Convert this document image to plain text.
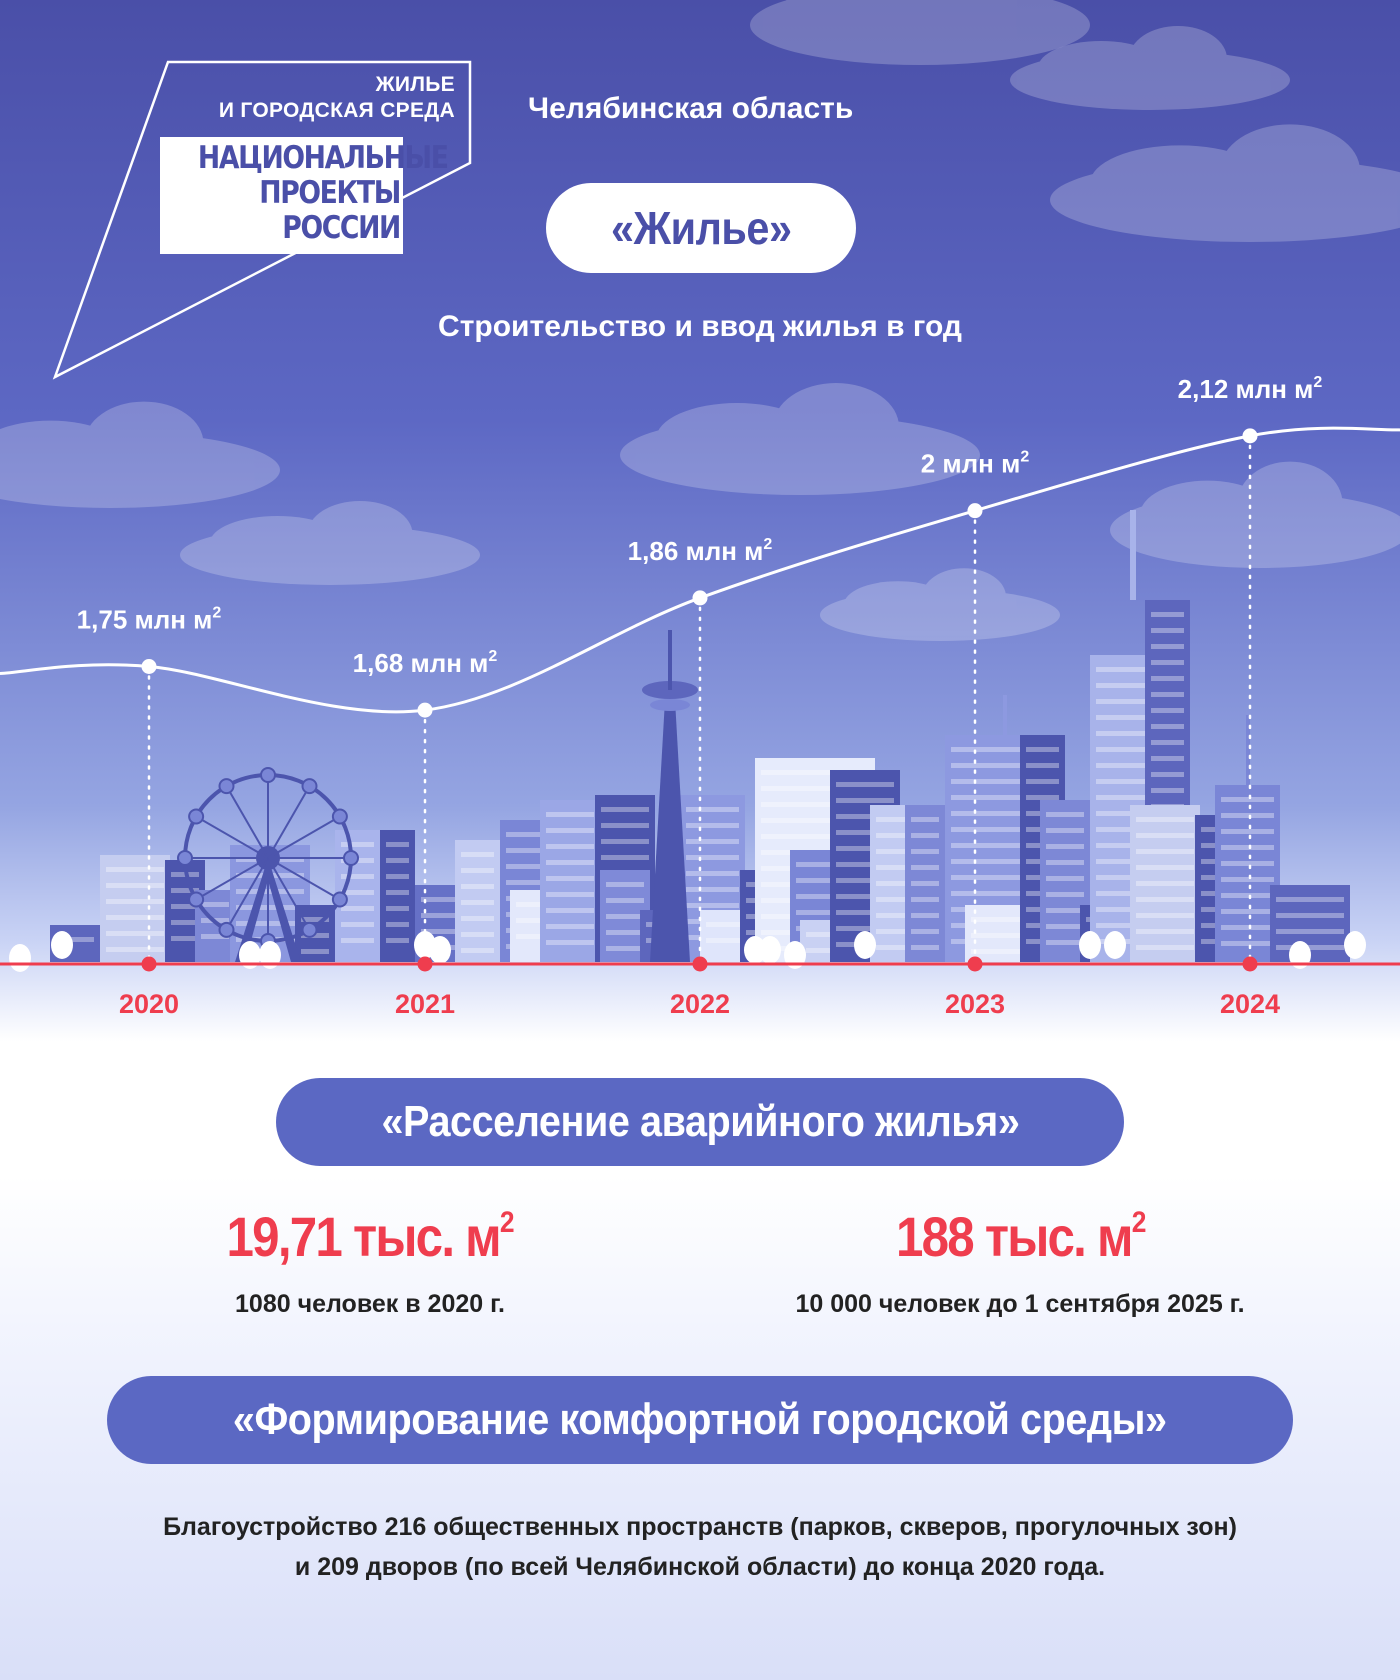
ЖИЛЬЕ
И ГОРОДСКАЯ СРЕДА
НАЦИОНАЛЬНЫЕ
ПРОЕКТЫ
РОССИИ
Челябинская область
«Жилье»
Строительство и ввод жилья в год
1,75 млн $м^2$
1,68 млн $м^2$
1,86 млн $м^2$
2 млн $м^2$
2,12 млн $м^2$
2020	2021	2022	2023	2024
«Расселение аварийного жилья»
19,71 тыс. $м^2$
1080 человек в 2020 г.
188 тыс. $м^2$
10 000 человек до 1 сентября 2025 г.
«Формирование комфортной городской среды»
Благоустройство 216 общественных пространств (парков, скверов, прогулочных зон)
и 209 дворов (по всей Челябинской области) до конца 2020 года.
